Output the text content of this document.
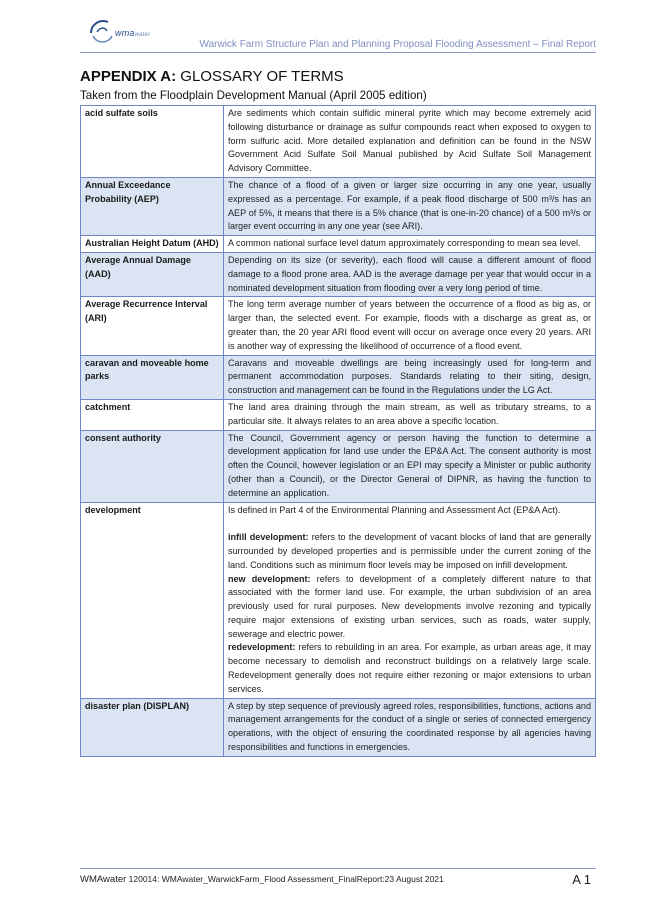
wmawater
Warwick Farm Structure Plan and Planning Proposal Flooding Assessment – Final Report
APPENDIX A: GLOSSARY OF TERMS
Taken from the Floodplain Development Manual (April 2005 edition)
acid sulfate soils	Are sediments which contain sulfidic mineral pyrite which may become extremely acid following disturbance or drainage as sulfur compounds react when exposed to oxygen to form sulfuric acid. More detailed explanation and definition can be found in the NSW Government Acid Sulfate Soil Manual published by Acid Sulfate Soil Management Advisory Committee.
Annual Exceedance Probability (AEP)	The chance of a flood of a given or larger size occurring in any one year, usually expressed as a percentage. For example, if a peak flood discharge of 500 m³/s has an AEP of 5%, it means that there is a 5% chance (that is one-in-20 chance) of a 500 m³/s or larger event occurring in any one year (see ARI).
Australian Height Datum (AHD)	A common national surface level datum approximately corresponding to mean sea level.
Average Annual Damage (AAD)	Depending on its size (or severity), each flood will cause a different amount of flood damage to a flood prone area. AAD is the average damage per year that would occur in a nominated development situation from flooding over a very long period of time.
Average Recurrence Interval (ARI)	The long term average number of years between the occurrence of a flood as big as, or larger than, the selected event. For example, floods with a discharge as great as, or greater than, the 20 year ARI flood event will occur on average once every 20 years. ARI is another way of expressing the likelihood of occurrence of a flood event.
caravan and moveable home parks	Caravans and moveable dwellings are being increasingly used for long-term and permanent accommodation purposes. Standards relating to their siting, design, construction and management can be found in the Regulations under the LG Act.
catchment	The land area draining through the main stream, as well as tributary streams, to a particular site. It always relates to an area above a specific location.
consent authority	The Council, Government agency or person having the function to determine a development application for land use under the EP&A Act. The consent authority is most often the Council, however legislation or an EPI may specify a Minister or public authority (other than a Council), or the Director General of DIPNR, as having the function to determine an application.
development	Is defined in Part 4 of the Environmental Planning and Assessment Act (EP&A Act).

infill development: refers to the development of vacant blocks of land that are generally surrounded by developed properties and is permissible under the current zoning of the land. Conditions such as minimum floor levels may be imposed on infill development.

new development: refers to development of a completely different nature to that associated with the former land use. For example, the urban subdivision of an area previously used for rural purposes. New developments involve rezoning and typically require major extensions of existing urban services, such as roads, water supply, sewerage and electric power.

redevelopment: refers to rebuilding in an area. For example, as urban areas age, it may become necessary to demolish and reconstruct buildings on a relatively large scale. Redevelopment generally does not require either rezoning or major extensions to urban services.

disaster plan (DISPLAN)	A step by step sequence of previously agreed roles, responsibilities, functions, actions and management arrangements for the conduct of a single or series of connected emergency operations, with the object of ensuring the coordinated response by all agencies having responsibilities and functions in emergencies.
WMAwater 120014: WMAwater_WarwickFarm_Flood Assessment_FinalReport:23 August 2021	A 1
